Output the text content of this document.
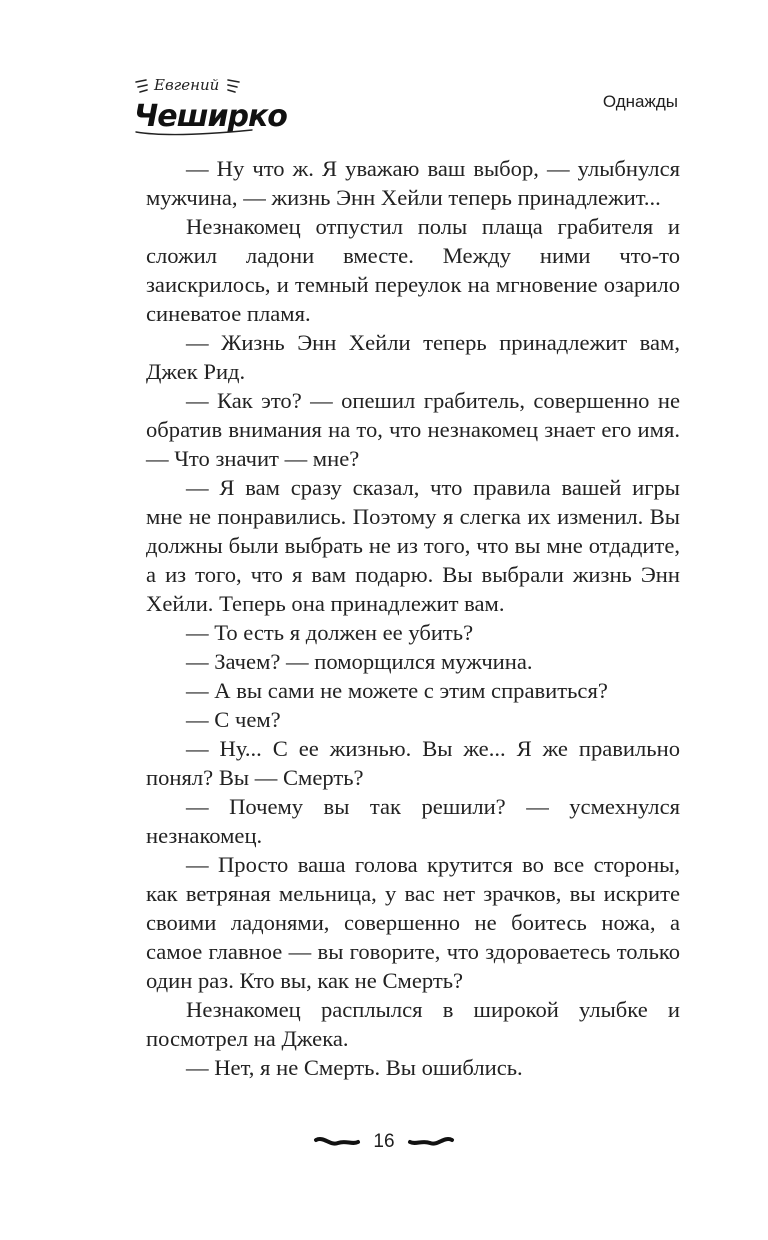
Евгений
Чеширко	Однажды

— Ну что ж. Я уважаю ваш выбор, — улыбнулся мужчина, — жизнь Энн Хейли теперь принадлежит...

Незнакомец отпустил полы плаща грабителя и сложил ладони вместе. Между ними что-то заискрилось, и темный переулок на мгновение озарило синеватое пламя.

— Жизнь Энн Хейли теперь принадлежит вам, Джек Рид.

— Как это? — опешил грабитель, совершенно не обратив внимания на то, что незнакомец знает его имя. — Что значит — мне?

— Я вам сразу сказал, что правила вашей игры мне не понравились. Поэтому я слегка их изменил. Вы должны были выбрать не из того, что вы мне отдадите, а из того, что я вам подарю. Вы выбрали жизнь Энн Хейли. Теперь она принадлежит вам.

— То есть я должен ее убить?

— Зачем? — поморщился мужчина.

— А вы сами не можете с этим справиться?

— С чем?

— Ну... С ее жизнью. Вы же... Я же правильно понял? Вы — Смерть?

— Почему вы так решили? — усмехнулся незнакомец.

— Просто ваша голова крутится во все стороны, как ветряная мельница, у вас нет зрачков, вы искрите своими ладонями, совершенно не боитесь ножа, а самое главное — вы говорите, что здороваетесь только один раз. Кто вы, как не Смерть?

Незнакомец расплылся в широкой улыбке и посмотрел на Джека.

— Нет, я не Смерть. Вы ошиблись.

16
